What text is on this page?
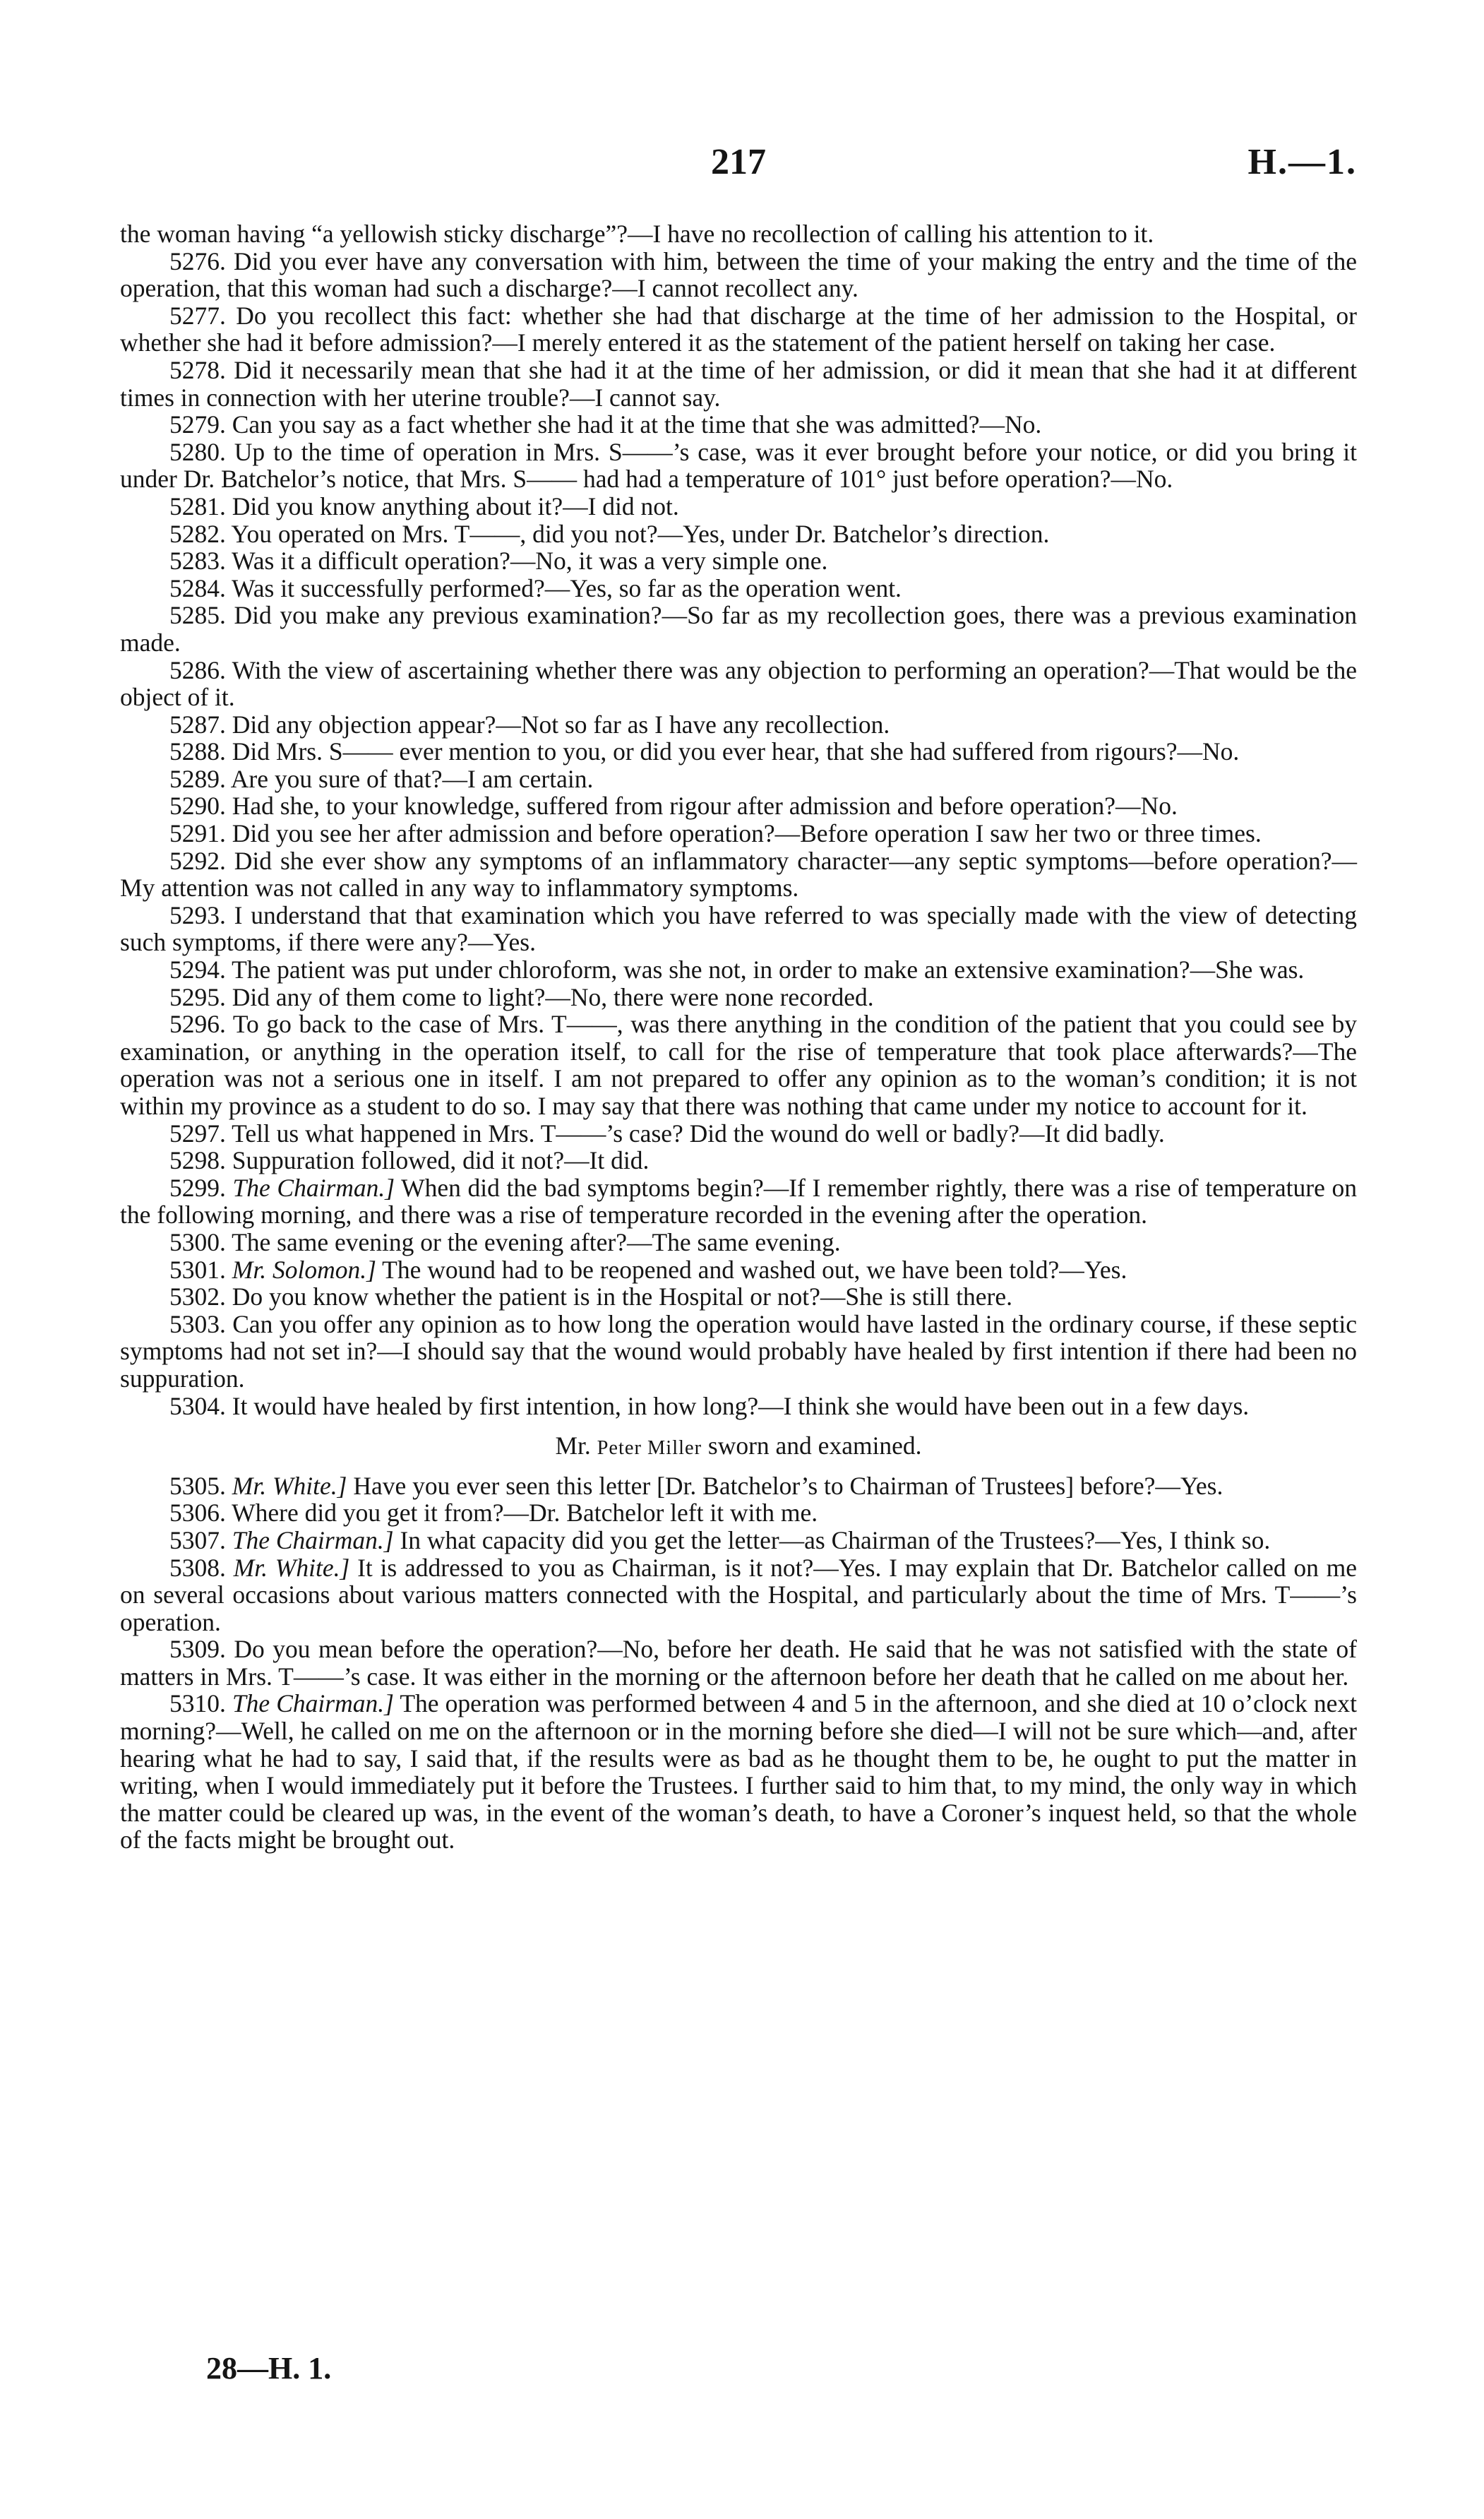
217	H.—1.

the woman having “a yellowish sticky discharge”?—I have no recollection of calling his attention to it.

5276. Did you ever have any conversation with him, between the time of your making the entry and the time of the operation, that this woman had such a discharge?—I cannot recollect any.

5277. Do you recollect this fact: whether she had that discharge at the time of her admission to the Hospital, or whether she had it before admission?—I merely entered it as the statement of the patient herself on taking her case.

5278. Did it necessarily mean that she had it at the time of her admission, or did it mean that she had it at different times in connection with her uterine trouble?—I cannot say.

5279. Can you say as a fact whether she had it at the time that she was admitted?—No.

5280. Up to the time of operation in Mrs. S——’s case, was it ever brought before your notice, or did you bring it under Dr. Batchelor’s notice, that Mrs. S—— had had a temperature of 101° just before operation?—No.

5281. Did you know anything about it?—I did not.

5282. You operated on Mrs. T——, did you not?—Yes, under Dr. Batchelor’s direction.

5283. Was it a difficult operation?—No, it was a very simple one.

5284. Was it successfully performed?—Yes, so far as the operation went.

5285. Did you make any previous examination?—So far as my recollection goes, there was a previous examination made.

5286. With the view of ascertaining whether there was any objection to performing an operation?—That would be the object of it.

5287. Did any objection appear?—Not so far as I have any recollection.

5288. Did Mrs. S—— ever mention to you, or did you ever hear, that she had suffered from rigours?—No.

5289. Are you sure of that?—I am certain.

5290. Had she, to your knowledge, suffered from rigour after admission and before operation?—No.

5291. Did you see her after admission and before operation?—Before operation I saw her two or three times.

5292. Did she ever show any symptoms of an inflammatory character—any septic symptoms—before operation?—My attention was not called in any way to inflammatory symptoms.

5293. I understand that that examination which you have referred to was specially made with the view of detecting such symptoms, if there were any?—Yes.

5294. The patient was put under chloroform, was she not, in order to make an extensive examination?—She was.

5295. Did any of them come to light?—No, there were none recorded.

5296. To go back to the case of Mrs. T——, was there anything in the condition of the patient that you could see by examination, or anything in the operation itself, to call for the rise of temperature that took place afterwards?—The operation was not a serious one in itself. I am not prepared to offer any opinion as to the woman’s condition; it is not within my province as a student to do so. I may say that there was nothing that came under my notice to account for it.

5297. Tell us what happened in Mrs. T——’s case? Did the wound do well or badly?—It did badly.

5298. Suppuration followed, did it not?—It did.

5299. The Chairman.] When did the bad symptoms begin?—If I remember rightly, there was a rise of temperature on the following morning, and there was a rise of temperature recorded in the evening after the operation.

5300. The same evening or the evening after?—The same evening.

5301. Mr. Solomon.] The wound had to be reopened and washed out, we have been told?—Yes.

5302. Do you know whether the patient is in the Hospital or not?—She is still there.

5303. Can you offer any opinion as to how long the operation would have lasted in the ordinary course, if these septic symptoms had not set in?—I should say that the wound would probably have healed by first intention if there had been no suppuration.

5304. It would have healed by first intention, in how long?—I think she would have been out in a few days.

Mr. Peter Miller sworn and examined.

5305. Mr. White.] Have you ever seen this letter [Dr. Batchelor’s to Chairman of Trustees] before?—Yes.

5306. Where did you get it from?—Dr. Batchelor left it with me.

5307. The Chairman.] In what capacity did you get the letter—as Chairman of the Trustees?—Yes, I think so.

5308. Mr. White.] It is addressed to you as Chairman, is it not?—Yes. I may explain that Dr. Batchelor called on me on several occasions about various matters connected with the Hospital, and particularly about the time of Mrs. T——’s operation.

5309. Do you mean before the operation?—No, before her death. He said that he was not satisfied with the state of matters in Mrs. T——’s case. It was either in the morning or the afternoon before her death that he called on me about her.

5310. The Chairman.] The operation was performed between 4 and 5 in the afternoon, and she died at 10 o’clock next morning?—Well, he called on me on the afternoon or in the morning before she died—I will not be sure which—and, after hearing what he had to say, I said that, if the results were as bad as he thought them to be, he ought to put the matter in writing, when I would immediately put it before the Trustees. I further said to him that, to my mind, the only way in which the matter could be cleared up was, in the event of the woman’s death, to have a Coroner’s inquest held, so that the whole of the facts might be brought out.

28—H. 1.
